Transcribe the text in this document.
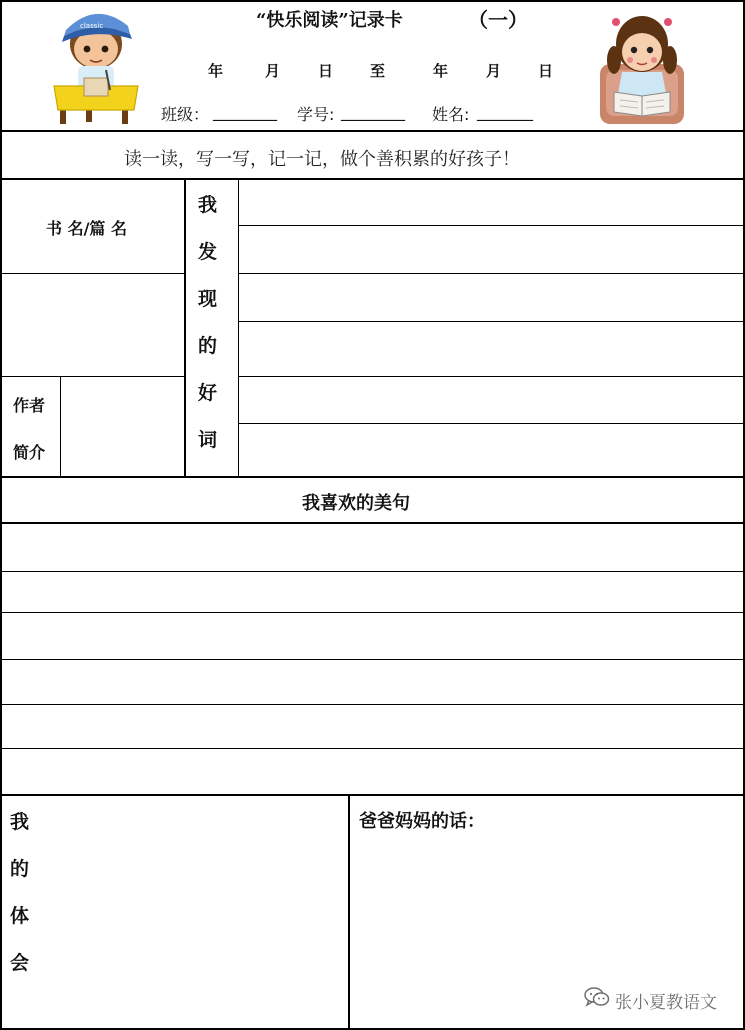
classic	“快乐阅读”记录卡	（一）
年	月	日 至	年	月 日
班级： ________ 学号: ________ 姓名: _______
读一读，写一写，记一记，做个善积累的好孩子！
书 名/篇 名
作者
简介
我
发
现
的
好
词
我喜欢的美句
我
的
体
会
爸爸妈妈的话：
张小夏教语文
